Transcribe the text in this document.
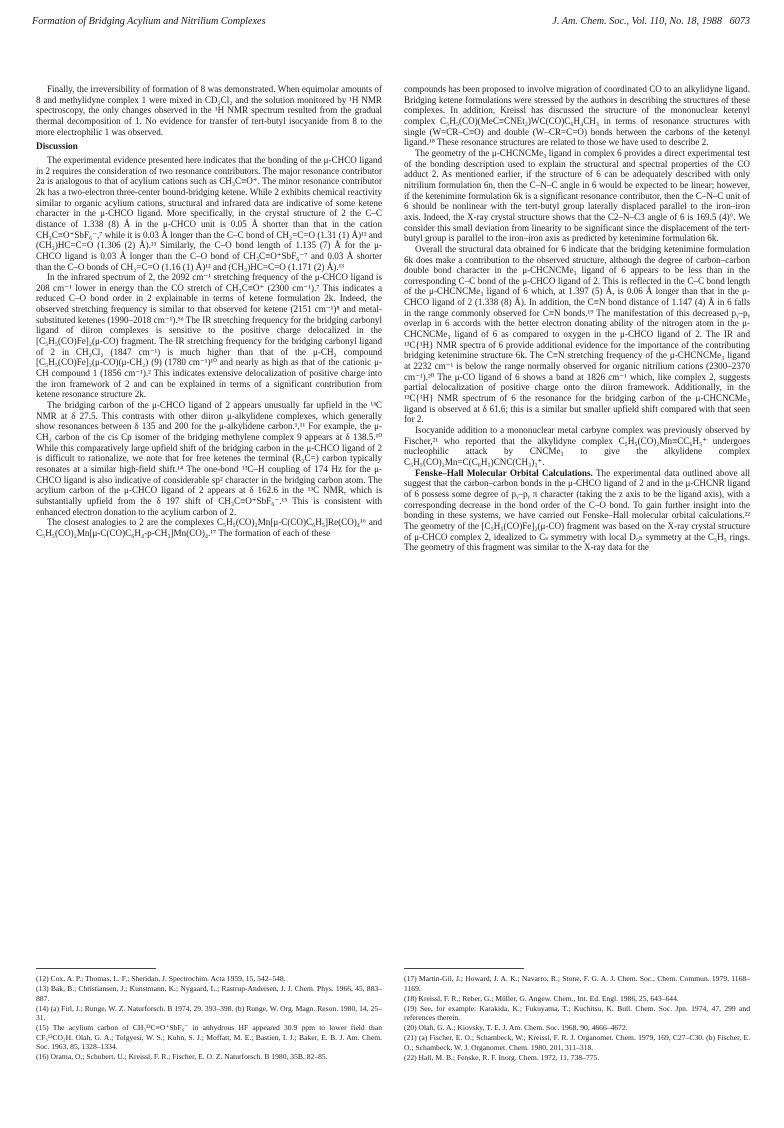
Formation of Bridging Acylium and Nitrilium Complexes	J. Am. Chem. Soc., Vol. 110, No. 18, 1988 6073

Finally, the irreversibility of formation of 8 was demonstrated. When equimolar amounts of 8 and methylidyne complex 1 were mixed in CD₂Cl₂ and the solution monitored by ¹H NMR spectroscopy, the only changes observed in the ¹H NMR spectrum resulted from the gradual thermal decomposition of 1. No evidence for transfer of tert-butyl isocyanide from 8 to the more electrophilic 1 was observed.

Discussion

The experimental evidence presented here indicates that the bonding of the μ-CHCO ligand in 2 requires the consideration of two resonance contributors. The major resonance contributor 2a is analogous to that of acylium cations such as CH₃C≡O⁺. The minor resonance contributor 2k has a two-electron three-center bound-bridging ketene. While 2 exhibits chemical reactivity similar to organic acylium cations, structural and infrared data are indicative of some ketene character in the μ-CHCO ligand. More specifically, in the crystal structure of 2 the C–C distance of 1.338 (8) Å in the μ-CHCO unit is 0.05 Å shorter than that in the cation CH₃C≡O⁺SbF₆⁻,⁷ while it is 0.03 Å longer than the C–C bond of CH₂=C=O (1.31 (1) Å)¹² and (CH₃)HC=C=O (1.306 (2) Å).¹³ Similarly, the C–O bond length of 1.135 (7) Å for the μ-CHCO ligand is 0.03 Å longer than the C–O bond of CH₃C≡O⁺SbF₆⁻⁷ and 0.03 Å shorter than the C–O bonds of CH₂=C=O (1.16 (1) Å)¹² and (CH₃)HC=C=O (1.171 (2) Å).¹³

In the infrared spectrum of 2, the 2092 cm⁻¹ stretching frequency of the μ-CHCO ligand is 208 cm⁻¹ lower in energy than the CO stretch of CH₃C≡O⁺ (2300 cm⁻¹).⁷ This indicates a reduced C–O bond order in 2 explainable in terms of ketene formulation 2k. Indeed, the observed stretching frequency is similar to that observed for ketene (2151 cm⁻¹)⁸ and metal-substituted ketenes (1990–2018 cm⁻¹).⁵ᵈ The IR stretching frequency for the bridging carbonyl ligand of diiron complexes is sensitive to the positive charge delocalized in the [C₅H₅(CO)Fe]₂(μ-CO) fragment. The IR stretching frequency for the bridging carbonyl ligand of 2 in CH₂Cl₂ (1847 cm⁻¹) is much higher than that of the μ-CH₂ compound [C₅H₅(CO)Fe]₂(μ-CO)(μ-CH₂) (9) (1780 cm⁻¹)¹⁰ and nearly as high as that of the cationic μ-CH compound 1 (1856 cm⁻¹).² This indicates extensive delocalization of positive charge into the iron framework of 2 and can be explained in terms of a significant contribution from ketene resonance structure 2k.

The bridging carbon of the μ-CHCO ligand of 2 appears unusually far upfield in the ¹³C NMR at δ 27.5. This contrasts with other diiron μ-alkylidene complexes, which generally show resonances between δ 135 and 200 for the μ-alkylidene carbon.¹,¹¹ For example, the μ-CH₂ carbon of the cis Cp isomer of the bridging methylene complex 9 appears at δ 138.5.¹⁰ While this comparatively large upfield shift of the bridging carbon in the μ-CHCO ligand of 2 is difficult to rationalize, we note that for free ketenes the terminal (R₂C=) carbon typically resonates at a similar high-field shift.¹⁴ The one-bond ¹³C–H coupling of 174 Hz for the μ-CHCO ligand is also indicative of considerable sp² character in the bridging carbon atom. The acylium carbon of the μ-CHCO ligand of 2 appears at δ 162.6 in the ¹³C NMR, which is substantially upfield from the δ 197 shift of CH₃C≡O⁺SbF₆⁻.¹⁵ This is consistent with enhanced electron donation to the acylium carbon of 2.

The closest analogies to 2 are the complexes C₅H₅(CO)₂Mn[μ-C(CO)C₆H₅]Re(CO)₄¹⁶ and C₅H₅(CO)₂Mn[μ-C(CO)C₆H₄-p-CH₃]Mn(CO)₄.¹⁷ The formation of each of these

compounds has been proposed to involve migration of coordinated CO to an alkylidyne ligand. Bridging ketene formulations were stressed by the authors in describing the structures of these complexes. In addition, Kreissl has discussed the structure of the mononuclear ketenyl complex C₅H₅(CO)(MeC≡CNEt₂)WC(CO)C₆H₄CH₃ in terms of resonance structures with single (W=CR–C≡O) and double (W–CR=C=O) bonds between the carbons of the ketenyl ligand.¹⁸ These resonance structures are related to those we have used to describe 2.

The geometry of the μ-CHCNCMe₃ ligand in complex 6 provides a direct experimental test of the bonding description used to explain the structural and spectral properties of the CO adduct 2. As mentioned earlier, if the structure of 6 can be adequately described with only nitrilium formulation 6n, then the C–N–C angle in 6 would be expected to be linear; however, if the ketenimine formulation 6k is a significant resonance contributor, then the C–N–C unit of 6 should be nonlinear with the tert-butyl group laterally displaced parallel to the iron–iron axis. Indeed, the X-ray crystal structure shows that the C2–N–C3 angle of 6 is 169.5 (4)°. We consider this small deviation from linearity to be significant since the displacement of the tert-butyl group is parallel to the iron–iron axis as predicted by ketenimine formulation 6k.

Overall the structural data obtained for 6 indicate that the bridging ketenimine formulation 6k does make a contribution to the observed structure, although the degree of carbon–carbon double bond character in the μ-CHCNCMe₃ ligand of 6 appears to be less than in the corresponding C–C bond of the μ-CHCO ligand of 2. This is reflected in the C–C bond length of the μ-CHCNCMe₃ ligand of 6 which, at 1.397 (5) Å, is 0.06 Å longer than that in the μ-CHCO ligand of 2 (1.338 (8) Å). In addition, the C≡N bond distance of 1.147 (4) Å in 6 falls in the range commonly observed for C≡N bonds.¹⁹ The manifestation of this decreased pᵧ–pᵧ overlap in 6 accords with the better electron donating ability of the nitrogen atom in the μ-CHCNCMe₃ ligand of 6 as compared to oxygen in the μ-CHCO ligand of 2. The IR and ¹³C{¹H} NMR spectra of 6 provide additional evidence for the importance of the contributing bridging ketenimine structure 6k. The C≡N stretching frequency of the μ-CHCNCMe₃ ligand at 2232 cm⁻¹ is below the range normally observed for organic nitrilium cations (2300–2370 cm⁻¹).²⁰ The μ-CO ligand of 6 shows a band at 1826 cm⁻¹ which, like complex 2, suggests partial delocalization of positive charge onto the diiron framework. Additionally, in the ¹³C{¹H} NMR spectrum of 6 the resonance for the bridging carbon of the μ-CHCNCMe₃ ligand is observed at δ 61.6; this is a similar but smaller upfield shift compared with that seen for 2.

Isocyanide addition to a mononuclear metal carbyne complex was previously observed by Fischer,²¹ who reported that the alkylidyne complex C₅H₅(CO)₂Mn≡CC₆H₅⁺ undergoes nucleophilic attack by CNCMe₃ to give the alkylidene complex C₅H₅(CO)₂Mn=C(C₆H₅)CNC(CH₃)₃⁺.

Fenske–Hall Molecular Orbital Calculations. The experimental data outlined above all suggest that the carbon–carbon bonds in the μ-CHCO ligand of 2 and in the μ-CHCNR ligand of 6 possess some degree of pᵧ–pᵧ π character (taking the z axis to be the ligand axis), with a corresponding decrease in the bond order of the C–O bond. To gain further insight into the bonding in these systems, we have carried out Fenske–Hall molecular orbital calculations.²² The geometry of the [C₅H₅(CO)Fe]₂(μ-CO) fragment was based on the X-ray crystal structure of μ-CHCO complex 2, idealized to Cₛ symmetry with local D₅ₕ symmetry at the C₅H₅ rings. The geometry of this fragment was similar to the X-ray data for the

(12) Cox, A. P.; Thomas, L. F.; Sheridan, J. Spectrochim. Acta 1959, 15, 542–548.

(13) Bak, B.; Christiansen, J.; Kunstmann, K.; Nygaard, L.; Rastrup-Andersen, J. J. Chem. Phys. 1966, 45, 883–887.

(14) (a) Firl, J.; Runge, W. Z. Naturforsch. B 1974, 29, 393–398. (b) Runge, W. Org. Magn. Reson. 1980, 14, 25–31.

(15) The acylium carbon of CH₃¹³C≡O⁺SbF₆⁻ in anhydrous HF appeared 30.9 ppm to lower field than CF₃¹³CO₂H. Olah, G. A.; Tolgyesi, W. S.; Kuhn, S. J.; Moffatt, M. E.; Bastien, I. J.; Baker, E. B. J. Am. Chem. Soc. 1963, 85, 1328–1334.

(16) Orama, O.; Schubert, U.; Kreissl, F. R.; Fischer, E. O. Z. Naturforsch. B 1980, 35B, 82–85.

(17) Martin-Gil, J.; Howard, J. A. K.; Navarro, R.; Stone, F. G. A. J. Chem. Soc., Chem. Commun. 1979, 1168–1169.

(18) Kreissl, F. R.; Reber, G.; Müller, G. Angew. Chem., Int. Ed. Engl. 1986, 25, 643–644.

(19) See, for example: Karakida, K.; Fukuyama, T.; Kuchitsu, K. Bull. Chem. Soc. Jpn. 1974, 47, 299 and references therein.

(20) Olah, G. A.; Kiovsky, T. E. J. Am. Chem. Soc. 1968, 90, 4666–4672.

(21) (a) Fischer, E. O.; Schambeck, W.; Kreissl, F. R. J. Organomet. Chem. 1979, 169, C27–C30. (b) Fischer, E. O.; Schambeck, W. J. Organomet. Chem. 1980, 201, 311–318.

(22) Hall, M. B.; Fenske, R. F. Inorg. Chem. 1972, 11, 738–775.
